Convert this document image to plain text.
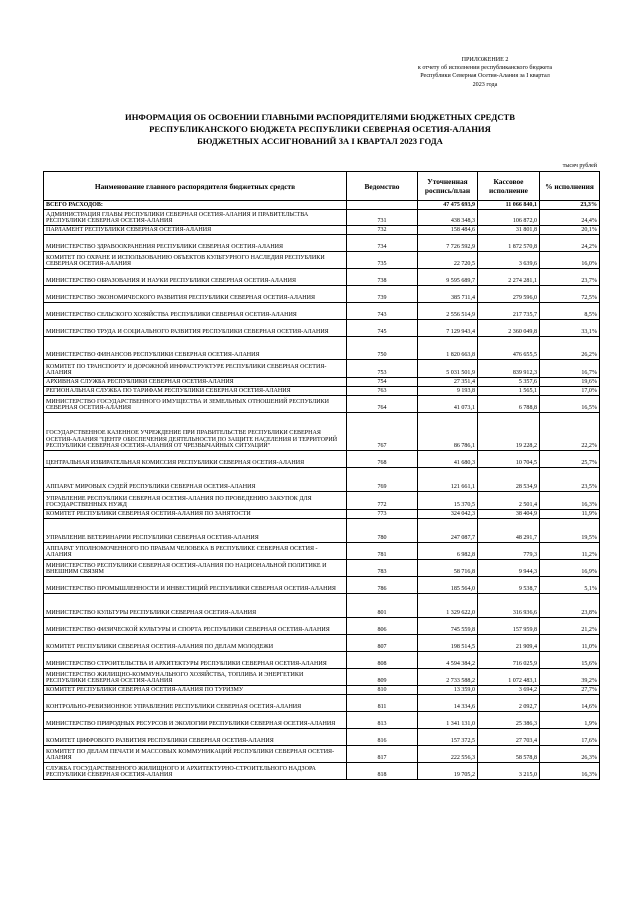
ПРИЛОЖЕНИЕ 2
к отчету об исполнении республиканского бюджета
Республики Северная Осетия-Алания за I квартал
2023 года
ИНФОРМАЦИЯ ОБ ОСВОЕНИИ ГЛАВНЫМИ РАСПОРЯДИТЕЛЯМИ БЮДЖЕТНЫХ СРЕДСТВ
РЕСПУБЛИКАНСКОГО БЮДЖЕТА РЕСПУБЛИКИ СЕВЕРНАЯ ОСЕТИЯ-АЛАНИЯ
БЮДЖЕТНЫХ АССИГНОВАНИЙ ЗА I КВАРТАЛ 2023 ГОДА
тысяч рублей
Наименование главного распорядителя бюджетных средств	Ведомство	Уточненная роспись/план	Кассовое исполнение	% исполнения
ВСЕГО РАСХОДОВ:		47 475 693,9	11 066 840,1	23,3%
АДМИНИСТРАЦИЯ ГЛАВЫ РЕСПУБЛИКИ СЕВЕРНАЯ ОСЕТИЯ-АЛАНИЯ И ПРАВИТЕЛЬСТВА РЕСПУБЛИКИ СЕВЕРНАЯ ОСЕТИЯ-АЛАНИЯ	731	438 348,3	106 872,0	24,4%
ПАРЛАМЕНТ РЕСПУБЛИКИ СЕВЕРНАЯ ОСЕТИЯ-АЛАНИЯ	732	158 484,6	31 801,8	20,1%
МИНИСТЕРСТВО ЗДРАВООХРАНЕНИЯ РЕСПУБЛИКИ СЕВЕРНАЯ ОСЕТИЯ-АЛАНИЯ	734	7 726 592,9	1 872 570,8	24,2%
КОМИТЕТ ПО ОХРАНЕ И ИСПОЛЬЗОВАНИЮ ОБЪЕКТОВ КУЛЬТУРНОГО НАСЛЕДИЯ РЕСПУБЛИКИ СЕВЕРНАЯ ОСЕТИЯ-АЛАНИЯ	735	22 720,5	3 639,6	16,0%
МИНИСТЕРСТВО ОБРАЗОВАНИЯ И НАУКИ РЕСПУБЛИКИ СЕВЕРНАЯ ОСЕТИЯ-АЛАНИЯ	738	9 595 689,7	2 274 281,1	23,7%
МИНИСТЕРСТВО ЭКОНОМИЧЕСКОГО РАЗВИТИЯ РЕСПУБЛИКИ СЕВЕРНАЯ ОСЕТИЯ-АЛАНИЯ	739	385 711,4	279 596,0	72,5%
МИНИСТЕРСТВО СЕЛЬСКОГО ХОЗЯЙСТВА РЕСПУБЛИКИ СЕВЕРНАЯ ОСЕТИЯ-АЛАНИЯ	743	2 556 514,9	217 735,7	8,5%
МИНИСТЕРСТВО ТРУДА И СОЦИАЛЬНОГО РАЗВИТИЯ РЕСПУБЛИКИ СЕВЕРНАЯ ОСЕТИЯ-АЛАНИЯ	745	7 129 943,4	2 360 049,8	33,1%
МИНИСТЕРСТВО ФИНАНСОВ РЕСПУБЛИКИ СЕВЕРНАЯ ОСЕТИЯ-АЛАНИЯ	750	1 820 663,8	476 655,5	26,2%
КОМИТЕТ ПО ТРАНСПОРТУ И ДОРОЖНОЙ ИНФРАСТРУКТУРЕ РЕСПУБЛИКИ СЕВЕРНАЯ ОСЕТИЯ-АЛАНИЯ	753	5 031 501,9	839 912,3	16,7%
АРХИВНАЯ СЛУЖБА РЕСПУБЛИКИ СЕВЕРНАЯ ОСЕТИЯ-АЛАНИЯ	754	27 351,4	5 357,6	19,6%
РЕГИОНАЛЬНАЯ СЛУЖБА ПО ТАРИФАМ РЕСПУБЛИКИ СЕВЕРНАЯ ОСЕТИЯ-АЛАНИЯ	763	9 193,8	1 565,1	17,0%
МИНИСТЕРСТВО ГОСУДАРСТВЕННОГО ИМУЩЕСТВА И ЗЕМЕЛЬНЫХ ОТНОШЕНИЙ РЕСПУБЛИКИ СЕВЕРНАЯ ОСЕТИЯ-АЛАНИЯ	764	41 073,1	6 788,8	16,5%
ГОСУДАРСТВЕННОЕ КАЗЕННОЕ УЧРЕЖДЕНИЕ ПРИ ПРАВИТЕЛЬСТВЕ РЕСПУБЛИКИ СЕВЕРНАЯ ОСЕТИЯ-АЛАНИЯ "ЦЕНТР ОБЕСПЕЧЕНИЯ ДЕЯТЕЛЬНОСТИ ПО ЗАЩИТЕ НАСЕЛЕНИЯ И ТЕРРИТОРИЙ РЕСПУБЛИКИ СЕВЕРНАЯ ОСЕТИЯ-АЛАНИЯ ОТ ЧРЕЗВЫЧАЙНЫХ СИТУАЦИЙ"	767	86 786,1	19 228,2	22,2%
ЦЕНТРАЛЬНАЯ ИЗБИРАТЕЛЬНАЯ КОМИССИЯ РЕСПУБЛИКИ СЕВЕРНАЯ ОСЕТИЯ-АЛАНИЯ	768	41 680,3	10 704,5	25,7%
АППАРАТ МИРОВЫХ СУДЕЙ РЕСПУБЛИКИ СЕВЕРНАЯ ОСЕТИЯ-АЛАНИЯ	769	121 661,1	28 534,9	23,5%
УПРАВЛЕНИЕ РЕСПУБЛИКИ СЕВЕРНАЯ ОСЕТИЯ-АЛАНИЯ ПО ПРОВЕДЕНИЮ ЗАКУПОК ДЛЯ ГОСУДАРСТВЕННЫХ НУЖД	772	15 370,5	2 501,4	16,3%
КОМИТЕТ РЕСПУБЛИКИ СЕВЕРНАЯ ОСЕТИЯ-АЛАНИЯ ПО ЗАНЯТОСТИ	773	324 042,3	38 404,9	11,9%
УПРАВЛЕНИЕ ВЕТЕРИНАРИИ РЕСПУБЛИКИ СЕВЕРНАЯ ОСЕТИЯ-АЛАНИЯ	780	247 087,7	48 291,7	19,5%
АППАРАТ УПОЛНОМОЧЕННОГО ПО ПРАВАМ ЧЕЛОВЕКА В РЕСПУБЛИКЕ СЕВЕРНАЯ ОСЕТИЯ - АЛАНИЯ	781	6 982,8	779,3	11,2%
МИНИСТЕРСТВО РЕСПУБЛИКИ СЕВЕРНАЯ ОСЕТИЯ-АЛАНИЯ ПО НАЦИОНАЛЬНОЙ ПОЛИТИКЕ И ВНЕШНИМ СВЯЗЯМ	783	58 716,8	9 944,3	16,9%
МИНИСТЕРСТВО ПРОМЫШЛЕННОСТИ И ИНВЕСТИЦИЙ РЕСПУБЛИКИ СЕВЕРНАЯ ОСЕТИЯ-АЛАНИЯ	786	185 564,0	9 538,7	5,1%
МИНИСТЕРСТВО КУЛЬТУРЫ РЕСПУБЛИКИ СЕВЕРНАЯ ОСЕТИЯ-АЛАНИЯ	801	1 329 622,0	316 936,6	23,8%
МИНИСТЕРСТВО ФИЗИЧЕСКОЙ КУЛЬТУРЫ И СПОРТА РЕСПУБЛИКИ СЕВЕРНАЯ ОСЕТИЯ-АЛАНИЯ	806	745 559,8	157 959,8	21,2%
КОМИТЕТ РЕСПУБЛИКИ СЕВЕРНАЯ ОСЕТИЯ-АЛАНИЯ ПО ДЕЛАМ МОЛОДЕЖИ	807	198 514,5	21 909,4	11,0%
МИНИСТЕРСТВО СТРОИТЕЛЬСТВА И АРХИТЕКТУРЫ РЕСПУБЛИКИ СЕВЕРНАЯ ОСЕТИЯ-АЛАНИЯ	808	4 594 384,2	716 025,9	15,6%
МИНИСТЕРСТВО ЖИЛИЩНО-КОММУНАЛЬНОГО ХОЗЯЙСТВА, ТОПЛИВА И ЭНЕРГЕТИКИ РЕСПУБЛИКИ СЕВЕРНАЯ ОСЕТИЯ-АЛАНИЯ	809	2 733 588,2	1 072 483,1	39,2%
КОМИТЕТ РЕСПУБЛИКИ СЕВЕРНАЯ ОСЕТИЯ-АЛАНИЯ ПО ТУРИЗМУ	810	13 359,0	3 694,2	27,7%
КОНТРОЛЬНО-РЕВИЗИОННОЕ УПРАВЛЕНИЕ РЕСПУБЛИКИ СЕВЕРНАЯ ОСЕТИЯ-АЛАНИЯ	811	14 334,6	2 092,7	14,6%
МИНИСТЕРСТВО ПРИРОДНЫХ РЕСУРСОВ И ЭКОЛОГИИ РЕСПУБЛИКИ СЕВЕРНАЯ ОСЕТИЯ-АЛАНИЯ	813	1 341 131,0	25 386,3	1,9%
КОМИТЕТ ЦИФРОВОГО РАЗВИТИЯ РЕСПУБЛИКИ СЕВЕРНАЯ ОСЕТИЯ-АЛАНИЯ	816	157 372,5	27 703,4	17,6%
КОМИТЕТ ПО ДЕЛАМ ПЕЧАТИ И МАССОВЫХ КОММУНИКАЦИЙ РЕСПУБЛИКИ СЕВЕРНАЯ ОСЕТИЯ-АЛАНИЯ	817	222 556,3	58 578,8	26,3%
СЛУЖБА ГОСУДАРСТВЕННОГО ЖИЛИЩНОГО И АРХИТЕКТУРНО-СТРОИТЕЛЬНОГО НАДЗОРА РЕСПУБЛИКИ СЕВЕРНАЯ ОСЕТИЯ-АЛАНИЯ	818	19 705,2	3 215,0	16,3%
